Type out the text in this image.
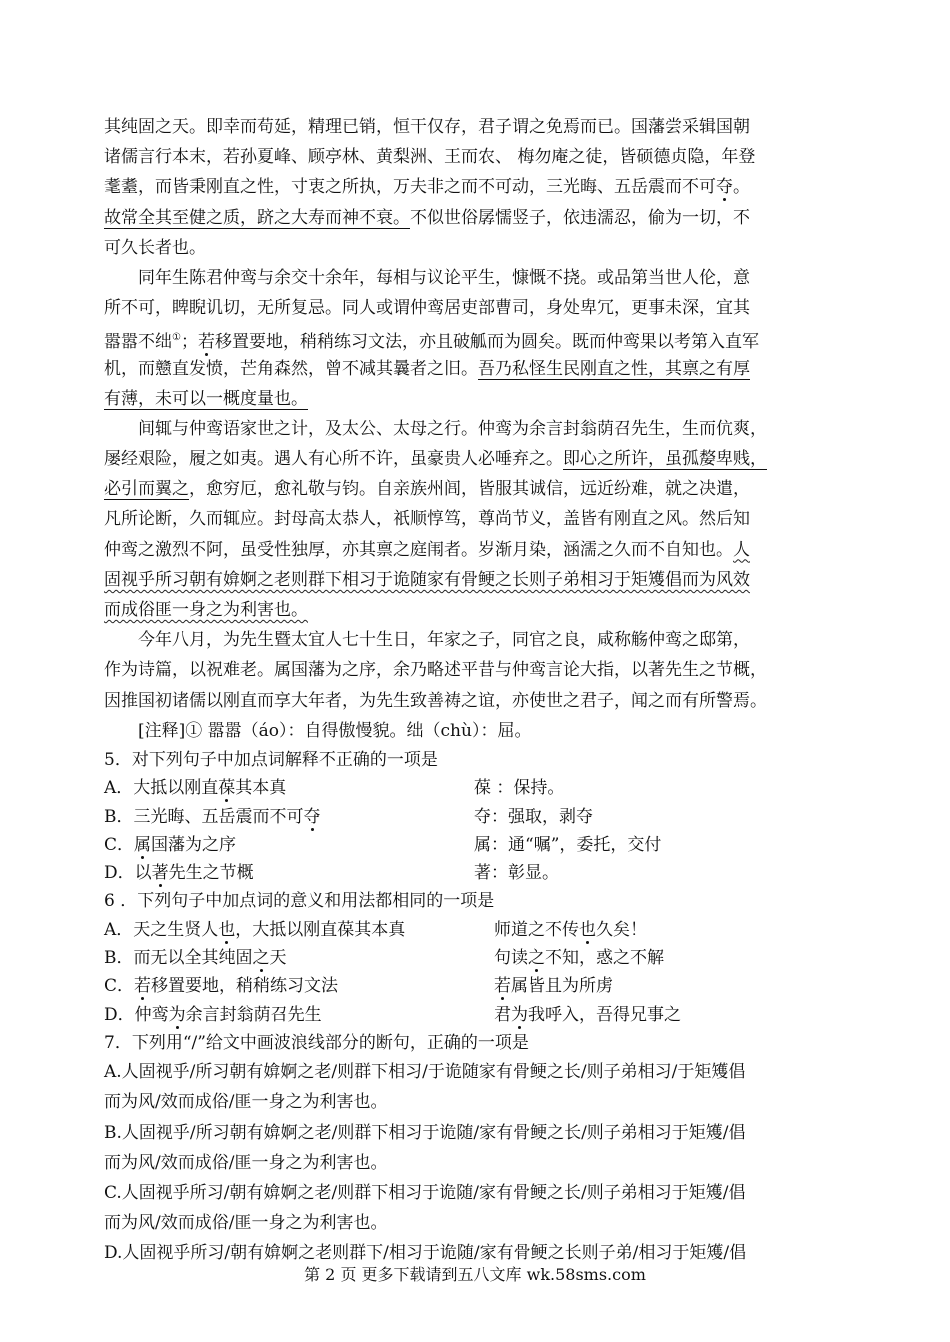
其纯固之天。即幸而苟延，精理已销，恒干仅存，君子谓之免焉而已。国藩尝采辑国朝
诸儒言行本末，若孙夏峰、顾亭林、黄梨洲、王而农、 梅勿庵之徒，皆硕德贞隐，年登
耄耋，而皆秉刚直之性，寸衷之所执，万夫非之而不可动，三光晦、五岳震而不可夺。
故常全其至健之质，跻之大寿而神不衰。不似世俗孱懦竖子，依违濡忍，偷为一切，不
可久长者也。
同年生陈君仲鸾与余交十余年，每相与议论平生，慷慨不挠。或品第当世人伦，意
所不可，睥睨讥切，无所复忌。同人或谓仲鸾居吏部曹司，身处卑冗，更事未深，宜其
嚣嚣不绌①；若移置要地，稍稍练习文法，亦且破觚而为圆矣。既而仲鸾果以考第入直军
机，而戆直发愤，芒角森然，曾不减其曩者之旧。吾乃私怪生民刚直之性，其禀之有厚
有薄，未可以一概度量也。
间辄与仲鸾语家世之计，及太公、太母之行。仲鸾为余言封翁荫召先生，生而伉爽，
屡经艰险，履之如夷。遇人有心所不许，虽豪贵人必唾弃之。即心之所许，虽孤嫠卑贱，
必引而翼之，愈穷厄，愈礼敬与钧。自亲族州闾，皆服其诚信，远近纷难，就之决遣，
凡所论断，久而辄应。封母高太恭人，祇顺惇笃，尊尚节义，盖皆有刚直之风。然后知
仲鸾之激烈不阿，虽受性独厚，亦其禀之庭闱者。岁渐月染，涵濡之久而不自知也。人
固视乎所习朝有媕婀之老则群下相习于诡随家有骨鲠之长则子弟相习于矩矱倡而为风效
而成俗匪一身之为利害也。
今年八月，为先生暨太宜人七十生日，年家之子，同官之良，咸称觞仲鸾之邸第，
作为诗篇，以祝难老。属国藩为之序，余乃略述平昔与仲鸾言论大指，以著先生之节概，
因推国初诸儒以刚直而享大年者，为先生致善祷之谊，亦使世之君子，闻之而有所警焉。
[注释]① 嚣嚣（áo）：自得傲慢貌。绌（chù）：屈。
5．对下列句子中加点词解释不正确的一项是
A．大抵以刚直葆其本真	葆 ：保持。
B．三光晦、五岳震而不可夺	夺：强取，剥夺
C．属国藩为之序	属：通“嘱”，委托，交付
D．以著先生之节概	著：彰显。
6 ．下列句子中加点词的意义和用法都相同的一项是
A．天之生贤人也，大抵以刚直葆其本真	师道之不传也久矣！
B．而无以全其纯固之天	句读之不知，惑之不解
C．若移置要地，稍稍练习文法	若属皆且为所虏
D．仲鸾为余言封翁荫召先生	君为我呼入，吾得兄事之
7．下列用“/”给文中画波浪线部分的断句，正确的一项是
A.人固视乎/所习朝有媕婀之老/则群下相习/于诡随家有骨鲠之长/则子弟相习/于矩矱倡
而为风/效而成俗/匪一身之为利害也。
B.人固视乎/所习朝有媕婀之老/则群下相习于诡随/家有骨鲠之长/则子弟相习于矩矱/倡
而为风/效而成俗/匪一身之为利害也。
C.人固视乎所习/朝有媕婀之老/则群下相习于诡随/家有骨鲠之长/则子弟相习于矩矱/倡
而为风/效而成俗/匪一身之为利害也。
D.人固视乎所习/朝有媕婀之老则群下/相习于诡随/家有骨鲠之长则子弟/相习于矩矱/倡
第 2 页 更多下载请到五八文库 wk.58sms.com
